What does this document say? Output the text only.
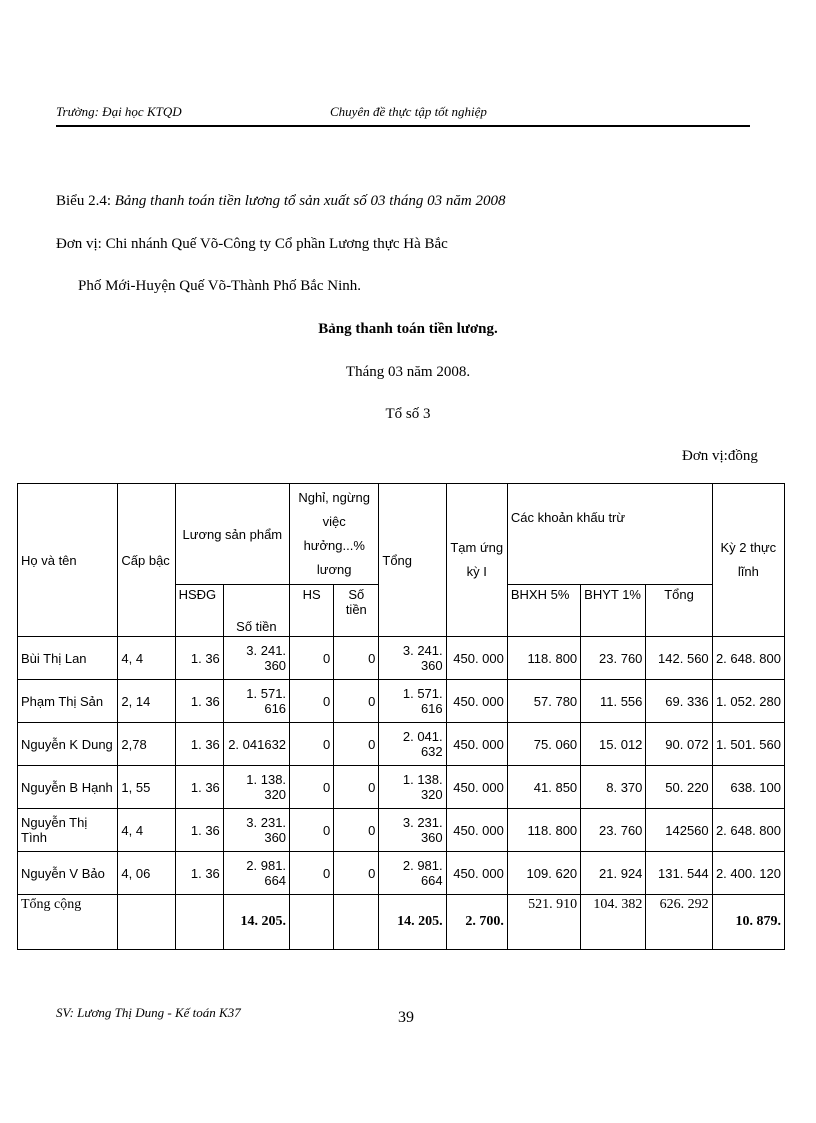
Trường: Đại học KTQD	Chuyên đề thực tập tốt nghiệp
Biểu 2.4: Bảng thanh toán tiền lương tổ sản xuất số 03 tháng 03 năm 2008
Đơn vị: Chi nhánh Quế Võ-Công ty Cổ phần Lương thực Hà Bắc
Phố Mới-Huyện Quế Võ-Thành Phố Bắc Ninh.
Bảng thanh toán tiền lương.
Tháng 03 năm 2008.
Tổ số 3
Đơn vị:đồng
Họ và tên	Cấp bậc	Lương sản phẩm		Nghỉ, ngừng việc hưởng...% lương		Tổng	Tạm ứng kỳ I	Các khoản khấu trừ			Kỳ 2 thực lĩnh
		HSĐG	Số tiền	HS	Số tiền			BHXH 5%	BHYT 1%	Tổng	
Bùi Thị Lan	4, 4	1. 36	3. 241. 360	0	0	3. 241. 360	450. 000	118. 800	23. 760	142. 560	2. 648. 800
Phạm Thị Sản	2, 14	1. 36	1. 571. 616	0	0	1. 571. 616	450. 000	57. 780	11. 556	69. 336	1. 052. 280
Nguyễn K Dung	2,78	1. 36	2. 041632	0	0	2. 041. 632	450. 000	75. 060	15. 012	90. 072	1. 501. 560
Nguyễn B Hạnh	1, 55	1. 36	1. 138. 320	0	0	1. 138. 320	450. 000	41. 850	8. 370	50. 220	638. 100
Nguyễn Thị Tình	4, 4	1. 36	3. 231. 360	0	0	3. 231. 360	450. 000	118. 800	23. 760	142560	2. 648. 800
Nguyễn V Bảo	4, 06	1. 36	2. 981. 664	0	0	2. 981. 664	450. 000	109. 620	21. 924	131. 544	2. 400. 120
Tổng cộng			14. 205.			14. 205.	2. 700.	521. 910	104. 382	626. 292	10. 879.
SV: Lương Thị Dung - Kế toán K37	39
